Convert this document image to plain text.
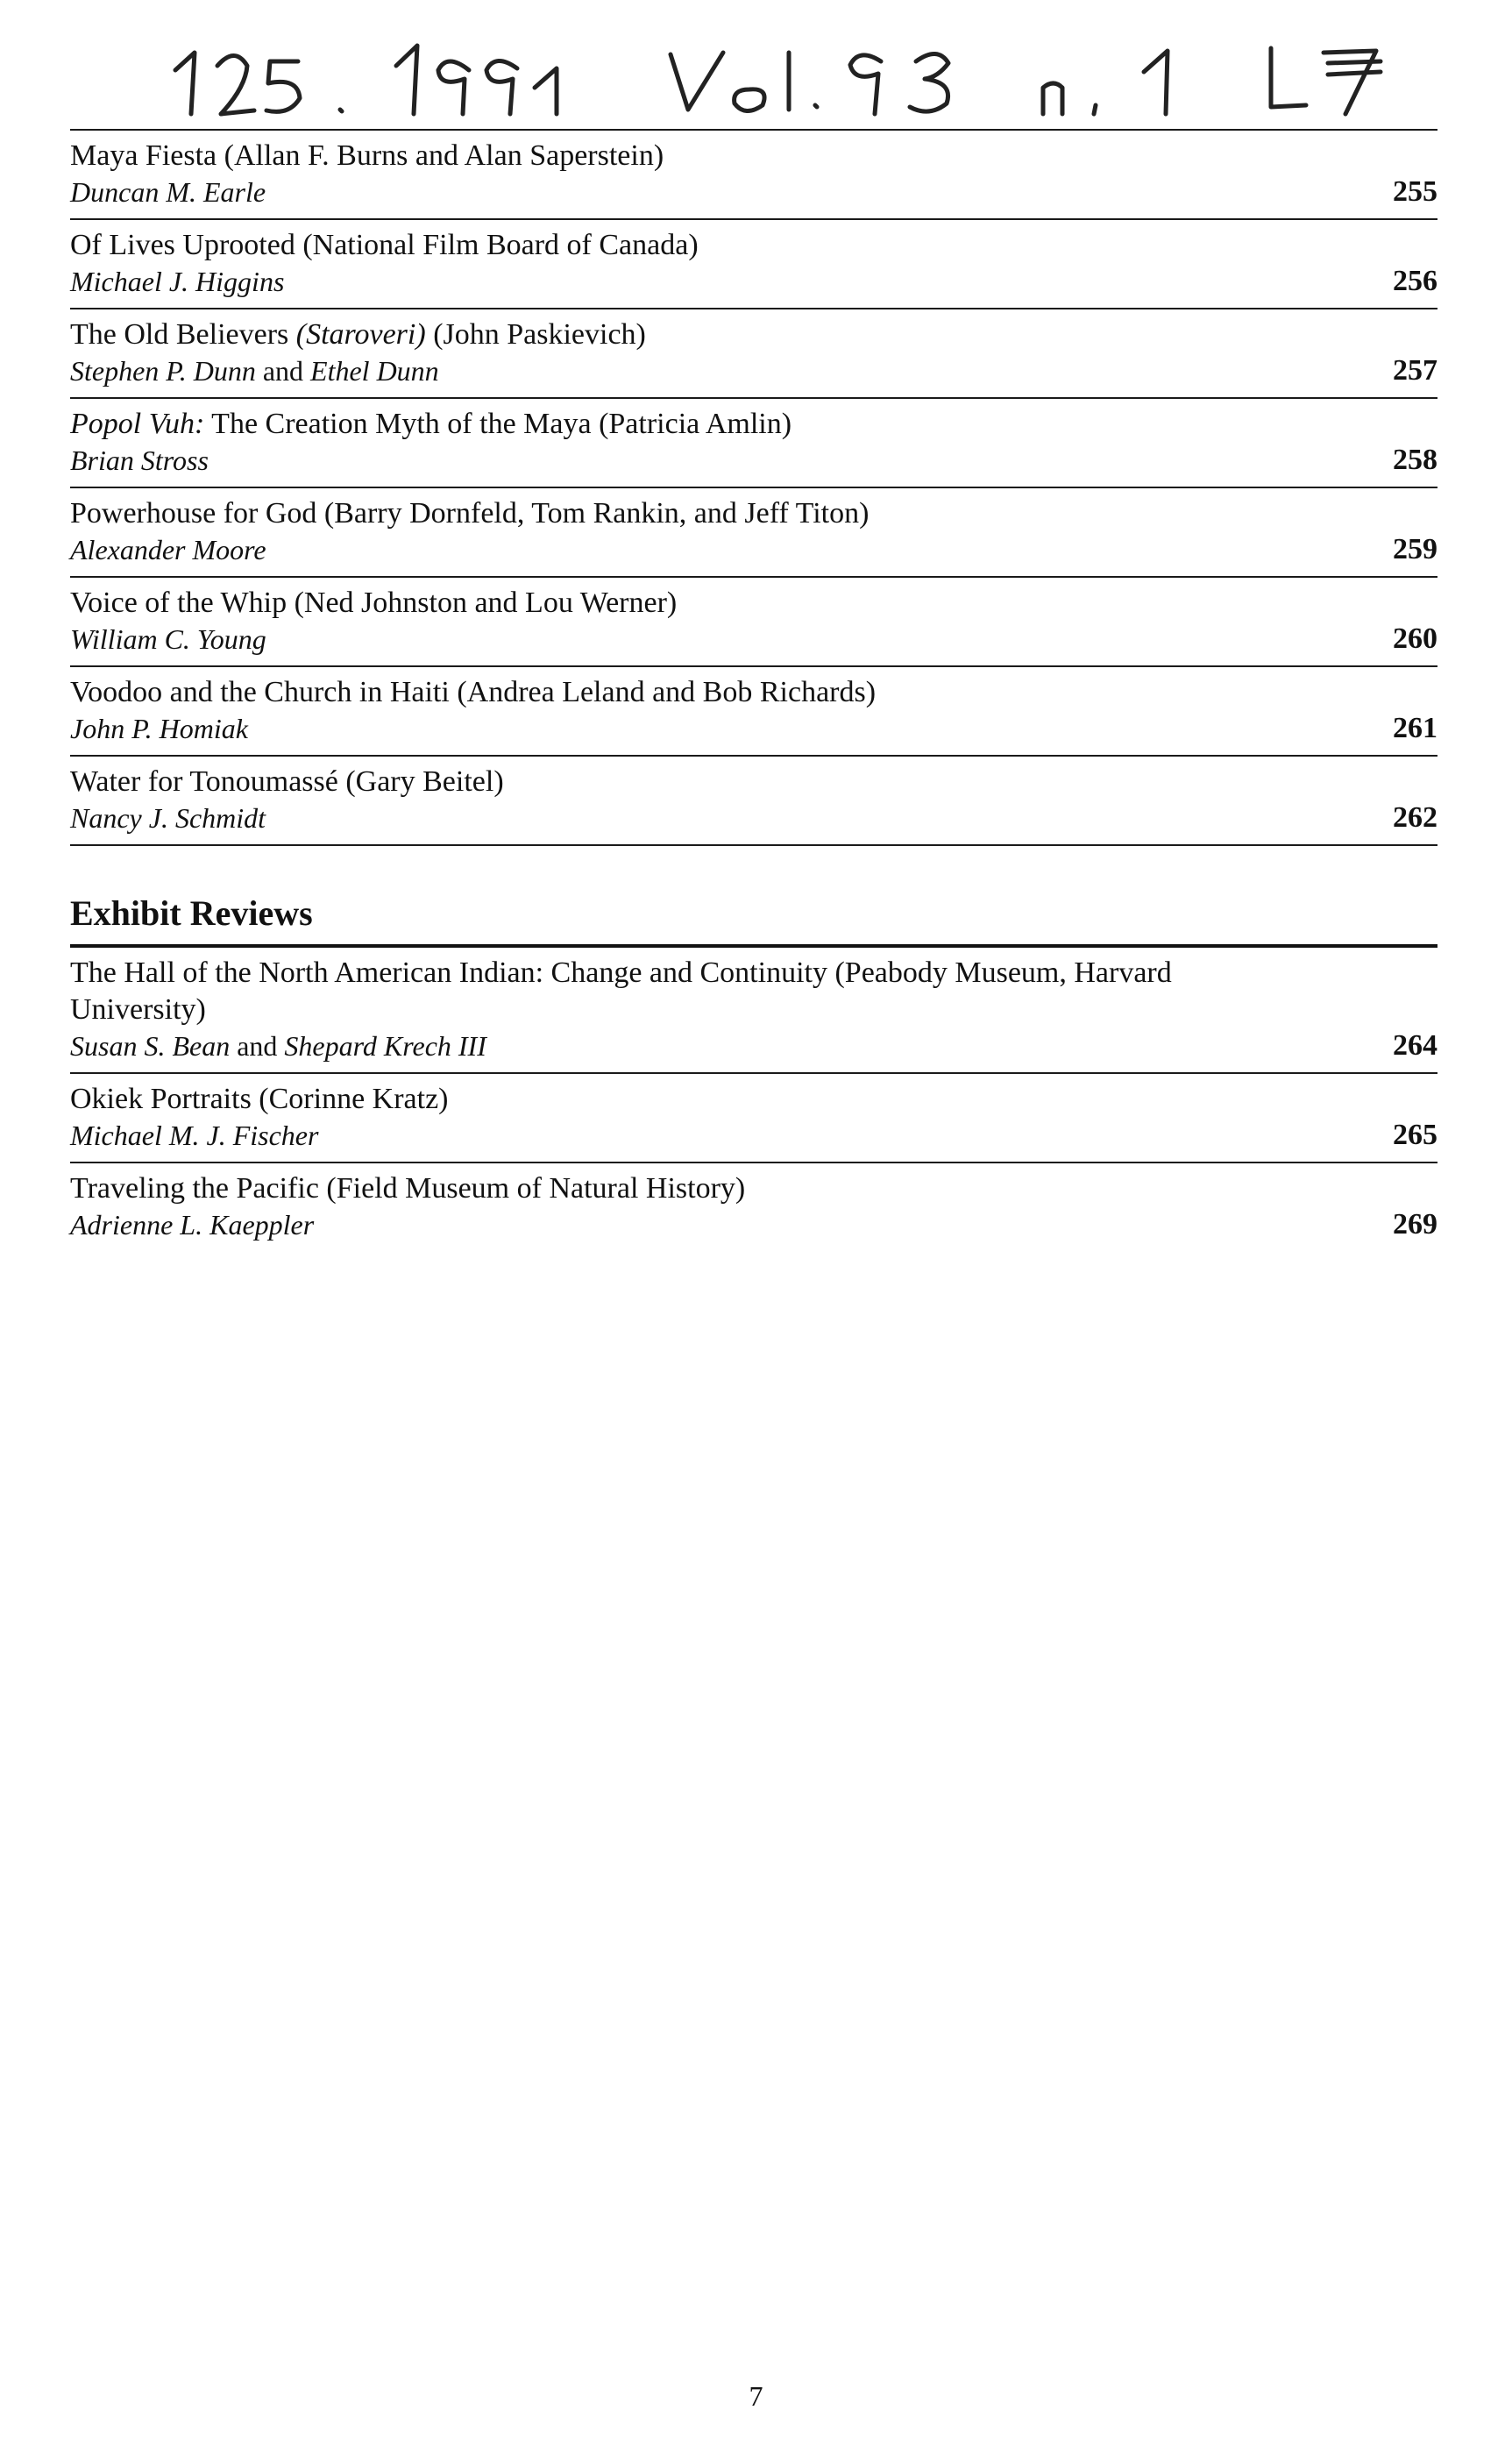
Maya Fiesta (Allan F. Burns and Alan Saperstein)
Duncan M. Earle	255
Of Lives Uprooted (National Film Board of Canada)
Michael J. Higgins	256
The Old Believers (Staroveri) (John Paskievich)
Stephen P. Dunn and Ethel Dunn	257
Popol Vuh: The Creation Myth of the Maya (Patricia Amlin)
Brian Stross	258
Powerhouse for God (Barry Dornfeld, Tom Rankin, and Jeff Titon)
Alexander Moore	259
Voice of the Whip (Ned Johnston and Lou Werner)
William C. Young	260
Voodoo and the Church in Haiti (Andrea Leland and Bob Richards)
John P. Homiak	261
Water for Tonoumassé (Gary Beitel)
Nancy J. Schmidt	262
Exhibit Reviews
The Hall of the North American Indian: Change and Continuity (Peabody Museum, Harvard University)
Susan S. Bean and Shepard Krech III	264
Okiek Portraits (Corinne Kratz)
Michael M. J. Fischer	265
Traveling the Pacific (Field Museum of Natural History)
Adrienne L. Kaeppler	269
7
